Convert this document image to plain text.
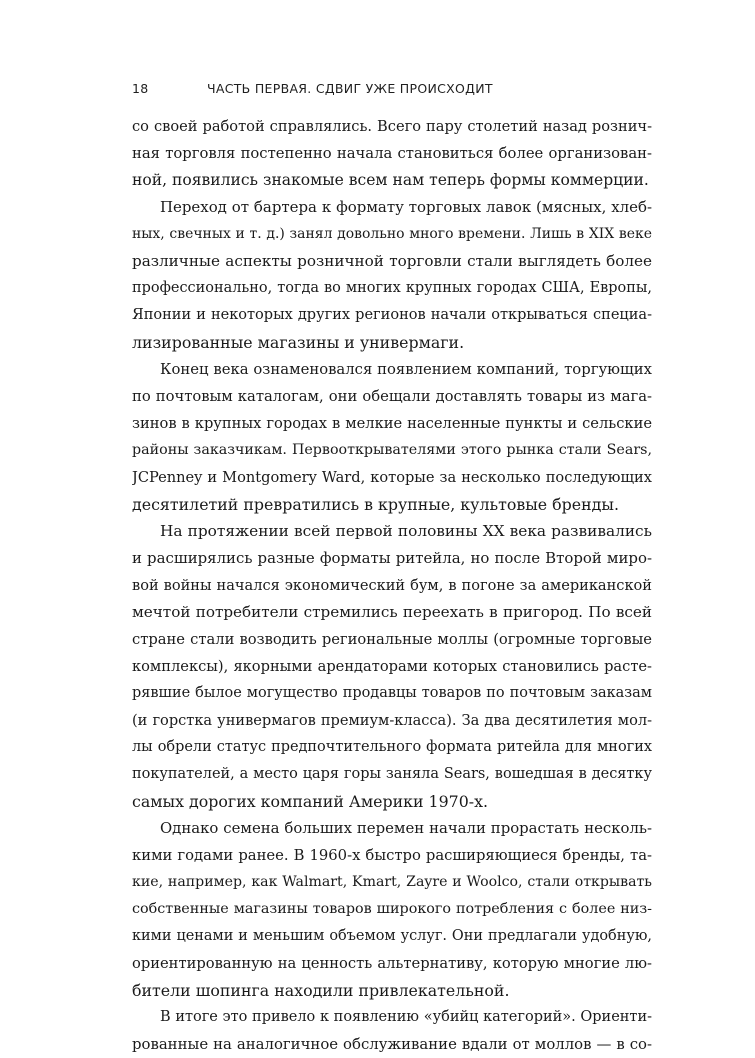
18	ЧАСТЬ ПЕРВАЯ. СДВИГ УЖЕ ПРОИСХОДИТ
со своей работой справлялись. Всего пару столетий назад рознич-
ная торговля постепенно начала становиться более организован-
ной, появились знакомые всем нам теперь формы коммерции.
Переход от бартера к формату торговых лавок (мясных, хлеб-
ных, свечных и т. д.) занял довольно много времени. Лишь в XIX веке
различные аспекты розничной торговли стали выглядеть более
профессионально, тогда во многих крупных городах США, Европы,
Японии и некоторых других регионов начали открываться специа-
лизированные магазины и универмаги.
Конец века ознаменовался появлением компаний, торгующих
по почтовым каталогам, они обещали доставлять товары из мага-
зинов в крупных городах в мелкие населенные пункты и сельские
районы заказчикам. Первооткрывателями этого рынка стали Sears,
JCPenney и Montgomery Ward, которые за несколько последующих
десятилетий превратились в крупные, культовые бренды.
На протяжении всей первой половины XX века развивались
и расширялись разные форматы ритейла, но после Второй миро-
вой войны начался экономический бум, в погоне за американской
мечтой потребители стремились переехать в пригород. По всей
стране стали возводить региональные моллы (огромные торговые
комплексы), якорными арендаторами которых становились расте-
рявшие былое могущество продавцы товаров по почтовым заказам
(и горстка универмагов премиум-класса). За два десятилетия мол-
лы обрели статус предпочтительного формата ритейла для многих
покупателей, а место царя горы заняла Sears, вошедшая в десятку
самых дорогих компаний Америки 1970-х.
Однако семена больших перемен начали прорастать несколь-
кими годами ранее. В 1960-х быстро расширяющиеся бренды, та-
кие, например, как Walmart, Kmart, Zayre и Woolco, стали открывать
собственные магазины товаров широкого потребления с более низ-
кими ценами и меньшим объемом услуг. Они предлагали удобную,
ориентированную на ценность альтернативу, которую многие лю-
бители шопинга находили привлекательной.
В итоге это привело к появлению «убийц категорий». Ориенти-
рованные на аналогичное обслуживание вдали от моллов — в со-
